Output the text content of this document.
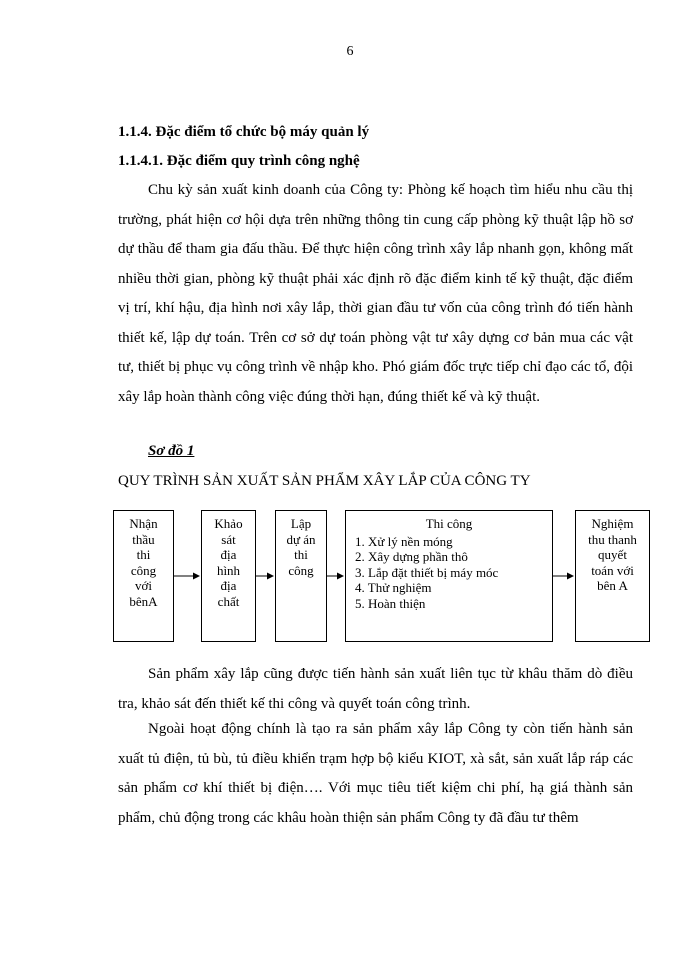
6
1.1.4. Đặc điểm tổ chức bộ máy quản lý
1.1.4.1. Đặc điểm quy trình công nghệ

Chu kỳ sản xuất kinh doanh của Công ty: Phòng kế hoạch tìm hiểu nhu cầu thị trường, phát hiện cơ hội dựa trên những thông tin cung cấp phòng kỹ thuật lập hồ sơ dự thầu để tham gia đấu thầu. Để thực hiện công trình xây lắp nhanh gọn, không mất nhiều thời gian, phòng kỹ thuật phải xác định rõ đặc điểm kinh tế kỹ thuật, đặc điểm vị trí, khí hậu, địa hình nơi xây lắp, thời gian đầu tư vốn của công trình đó tiến hành thiết kế, lập dự toán. Trên cơ sở dự toán phòng vật tư xây dựng cơ bản mua các vật tư, thiết bị phục vụ công trình về nhập kho. Phó giám đốc trực tiếp chỉ đạo các tổ, đội xây lắp hoàn thành công việc đúng thời hạn, đúng thiết kế và kỹ thuật.

Sơ đồ 1
QUY TRÌNH SẢN XUẤT SẢN PHẨM XÂY LẮP CỦA CÔNG TY
Nhận
thầu
thi
công
với
bênA
Khảo
sát
địa
hình
địa
chất
Lập
dự án
thi
công
Thi công
1. Xử lý nền móng
2. Xây dựng phần thô
3. Lắp đặt thiết bị máy móc
4. Thử nghiệm
5. Hoàn thiện
Nghiệm
thu thanh
quyết
toán với
bên A

Sản phẩm xây lắp cũng được tiến hành sản xuất liên tục từ khâu thăm dò điều tra, khảo sát đến thiết kế thi công và quyết toán công trình.

Ngoài hoạt động chính là tạo ra sản phẩm xây lắp Công ty còn tiến hành sản xuất tủ điện, tủ bù, tủ điều khiển trạm hợp bộ kiểu KIOT, xà sắt, sản xuất lắp ráp các sản phẩm cơ khí thiết bị điện…. Với mục tiêu tiết kiệm chi phí, hạ giá thành sản phẩm, chủ động trong các khâu hoàn thiện sản phẩm Công ty đã đầu tư thêm
